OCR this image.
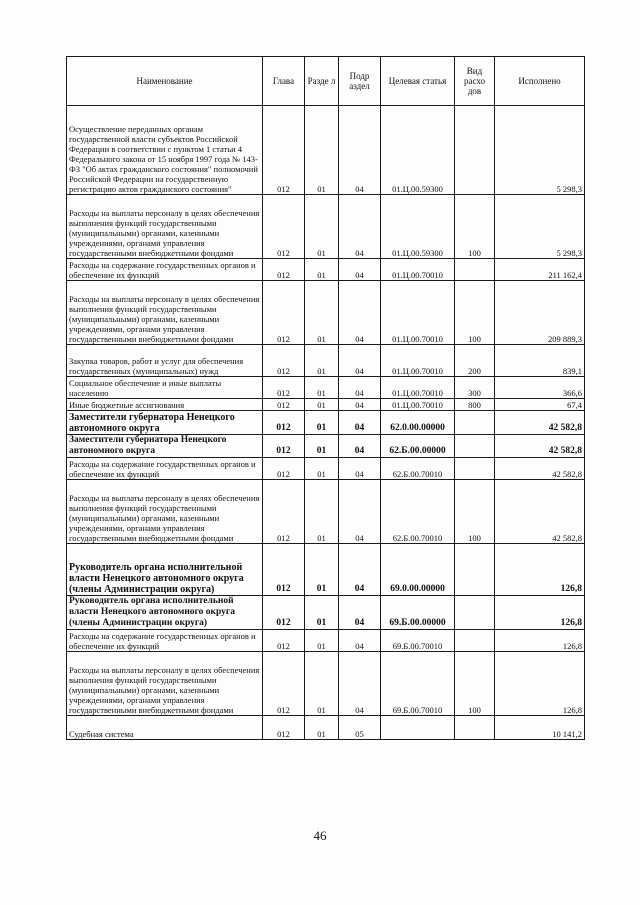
Наименование	Глава	Разде л	Подр аздел	Целевая статья	Вид расхо дов	Исполнено
Осуществление переданных органам государственной власти субъектов Российской Федерации в соответствии с пунктом 1 статьи 4 Федерального закона от 15 ноября 1997 года № 143-ФЗ "Об актах гражданского состояния" полномочий Российской Федерации на государственную регистрацию актов гражданского состояния"	012	01	04	01.Ц.00.59300		5 298,3
Расходы на выплаты персоналу в целях обеспечения выполнения функций государственными (муниципальными) органами, казенными учреждениями, органами управления государственными внебюджетными фондами	012	01	04	01.Ц.00.59300	100	5 298,3
Расходы на содержание государственных органов и обеспечение их функций	012	01	04	01.Ц.00.70010		211 162,4
Расходы на выплаты персоналу в целях обеспечения выполнения функций государственными (муниципальными) органами, казенными учреждениями, органами управления государственными внебюджетными фондами	012	01	04	01.Ц.00.70010	100	209 889,3
Закупка товаров, работ и услуг для обеспечения государственных (муниципальных) нужд	012	01	04	01.Ц.00.70010	200	839,1
Социальное обеспечение и иные выплаты населению	012	01	04	01.Ц.00.70010	300	366,6
Иные бюджетные ассигнования	012	01	04	01.Ц.00.70010	800	67,4
Заместители губернатора Ненецкого автономного округа	012	01	04	62.0.00.00000		42 582,8
Заместители губернатора Ненецкого автономного округа	012	01	04	62.Б.00.00000		42 582,8
Расходы на содержание государственных органов и обеспечение их функций	012	01	04	62.Б.00.70010		42 582,8
Расходы на выплаты персоналу в целях обеспечения выполнения функций государственными (муниципальными) органами, казенными учреждениями, органами управления государственными внебюджетными фондами	012	01	04	62.Б.00.70010	100	42 582,8
Руководитель органа исполнительной власти Ненецкого автономного округа (члены Администрации округа)	012	01	04	69.0.00.00000		126,8
Руководитель органа исполнительной власти Ненецкого автономного округа (члены Администрации округа)	012	01	04	69.Б.00.00000		126,8
Расходы на содержание государственных органов и обеспечение их функций	012	01	04	69.Б.00.70010		126,8
Расходы на выплаты персоналу в целях обеспечения выполнения функций государственными (муниципальными) органами, казенными учреждениями, органами управления государственными внебюджетными фондами	012	01	04	69.Б.00.70010	100	126,8
Судебная система	012	01	05			10 141,2
46
